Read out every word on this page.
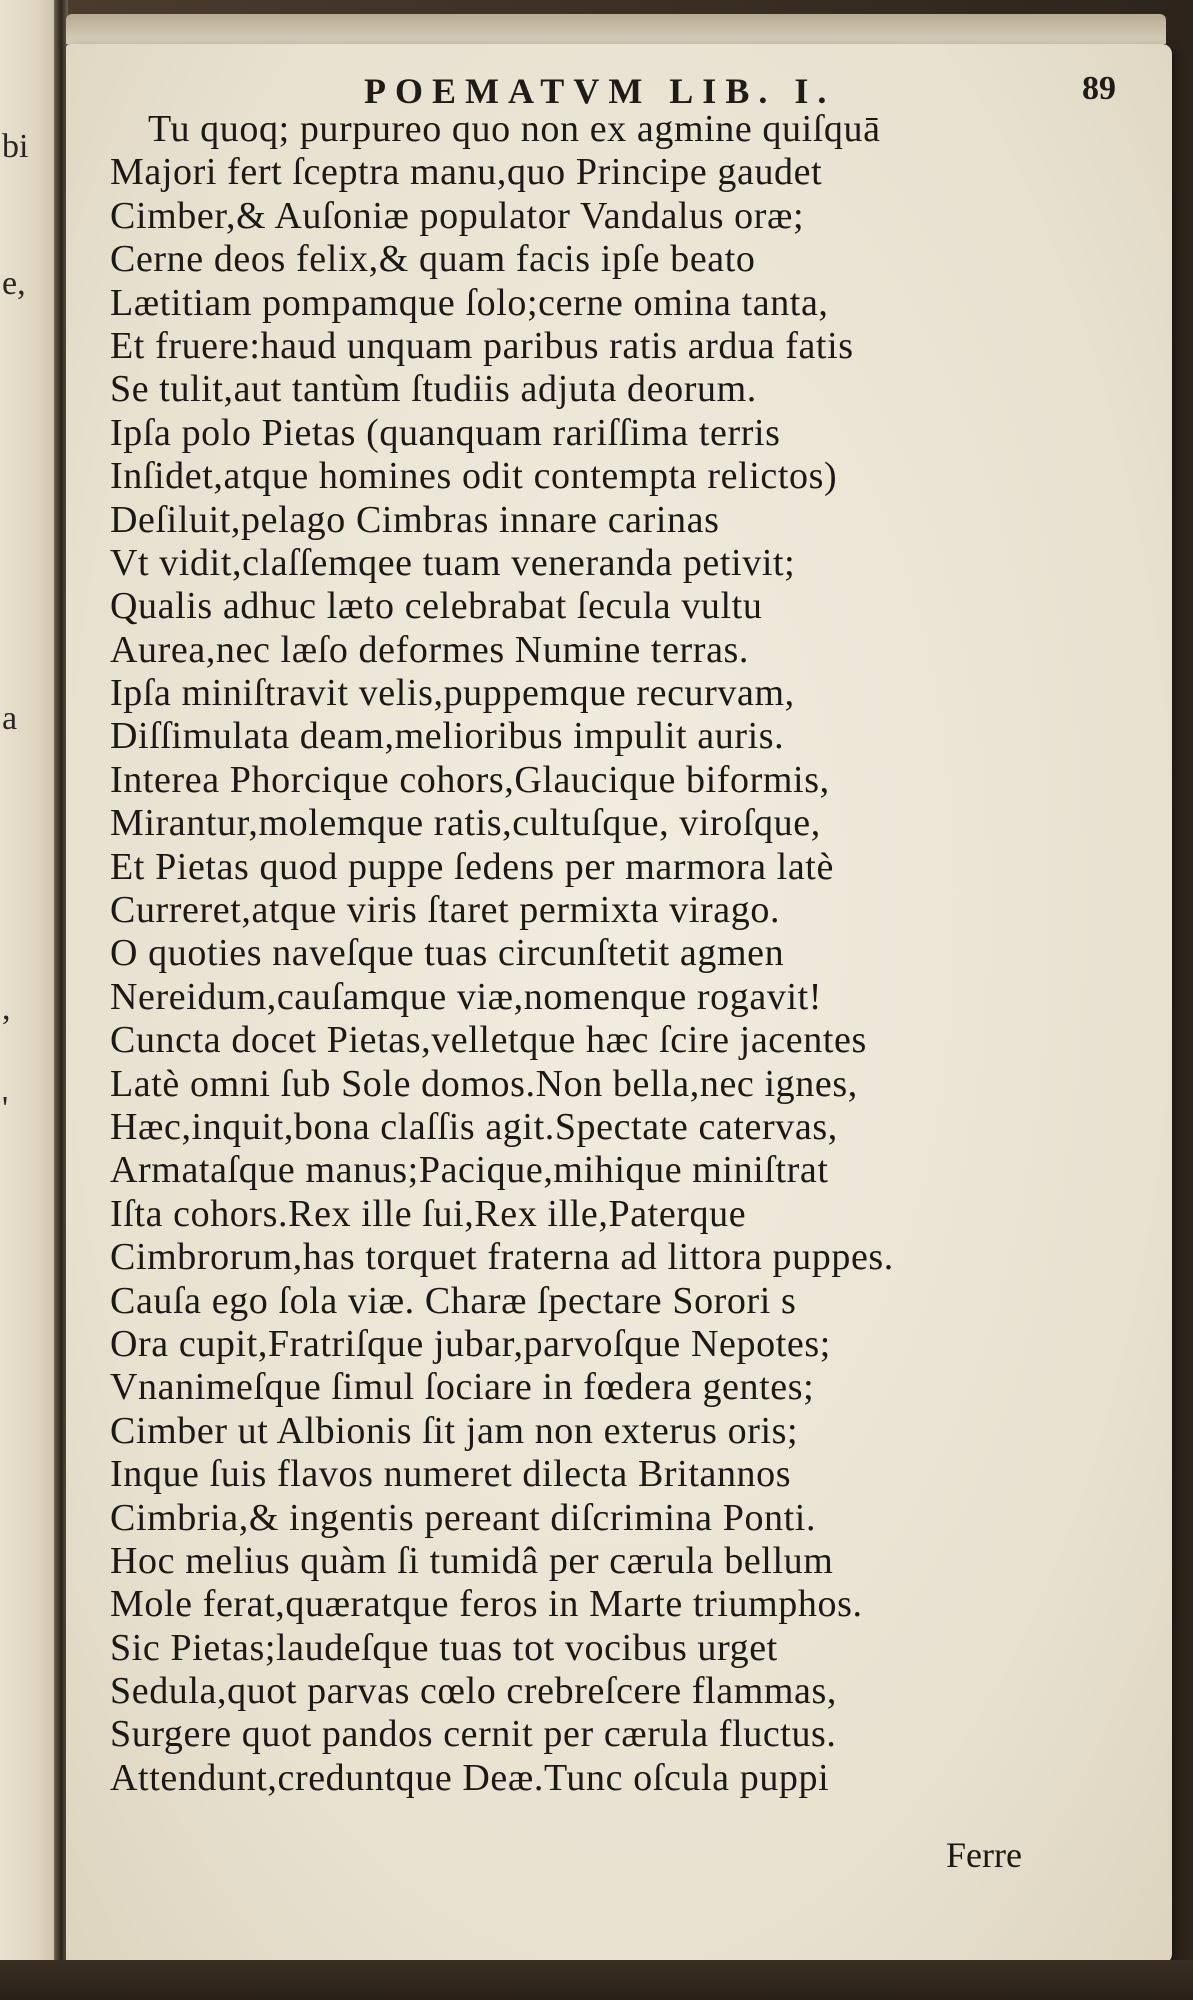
bi
e,
a
,
'
POEMATVM LIB. I.	89
Tu quoq; purpureo quo non ex agmine quiſquā
Majori fert ſceptra manu,quo Principe gaudet
Cimber,& Auſoniæ populator Vandalus oræ;
Cerne deos felix,& quam facis ipſe beato
Lætitiam pompamque ſolo;cerne omina tanta,
Et fruere:haud unquam paribus ratis ardua fatis
Se tulit,aut tantùm ſtudiis adjuta deorum.
Ipſa polo Pietas (quanquam rariſſima terris
Inſidet,atque homines odit contempta relictos)
Deſiluit,pelago Cimbras innare carinas
Vt vidit,claſſemqee tuam veneranda petivit;
Qualis adhuc læto celebrabat ſecula vultu
Aurea,nec læſo deformes Numine terras.
Ipſa miniſtravit velis,puppemque recurvam,
Diſſimulata deam,melioribus impulit auris.
Interea Phorcique cohors,Glaucique biformis,
Mirantur,molemque ratis,cultuſque, viroſque,
Et Pietas quod puppe ſedens per marmora latè
Curreret,atque viris ſtaret permixta virago.
O quoties naveſque tuas circunſtetit agmen
Nereidum,cauſamque viæ,nomenque rogavit!
Cuncta docet Pietas,velletque hæc ſcire jacentes
Latè omni ſub Sole domos.Non bella,nec ignes,
Hæc,inquit,bona claſſis agit.Spectate catervas,
Armataſque manus;Pacique,mihique miniſtrat
Iſta cohors.Rex ille ſui,Rex ille,Paterque
Cimbrorum,has torquet fraterna ad littora puppes.
Cauſa ego ſola viæ. Charæ ſpectare Sorori s
Ora cupit,Fratriſque jubar,parvoſque Nepotes;
Vnanimeſque ſimul ſociare in fœdera gentes;
Cimber ut Albionis ſit jam non exterus oris;
Inque ſuis flavos numeret dilecta Britannos
Cimbria,& ingentis pereant diſcrimina Ponti.
Hoc melius quàm ſi tumidâ per cærula bellum
Mole ferat,quæratque feros in Marte triumphos.
Sic Pietas;laudeſque tuas tot vocibus urget
Sedula,quot parvas cœlo crebreſcere flammas,
Surgere quot pandos cernit per cærula fluctus.
Attendunt,creduntque Deæ.Tunc oſcula puppi
Ferre
